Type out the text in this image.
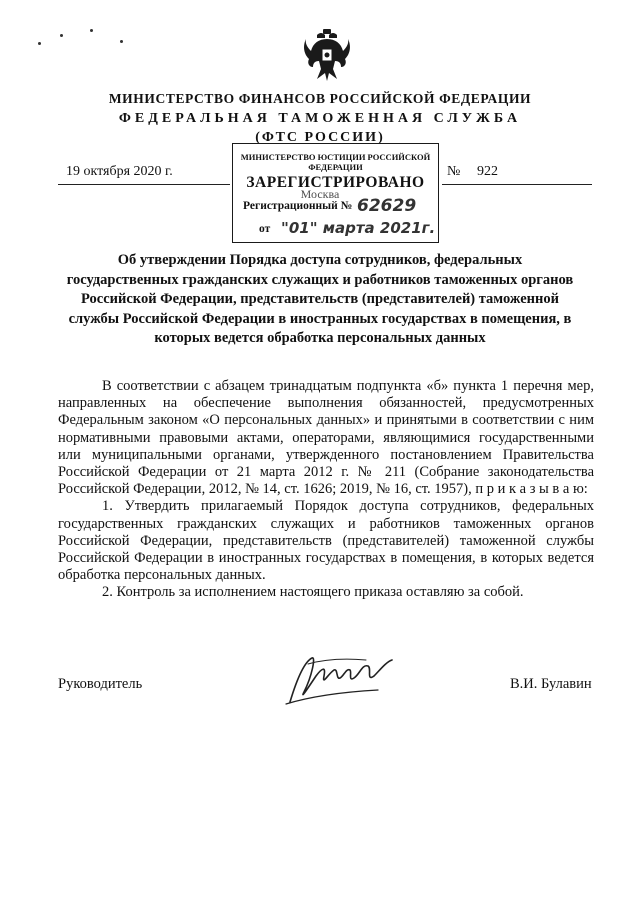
МИНИСТЕРСТВО ФИНАНСОВ РОССИЙСКОЙ ФЕДЕРАЦИИ
ФЕДЕРАЛЬНАЯ ТАМОЖЕННАЯ СЛУЖБА
(ФТС РОССИИ)
19 октября 2020 г.	№ 922
Москва
МИНИСТЕРСТВО ЮСТИЦИИ РОССИЙСКОЙ ФЕДЕРАЦИИ
ЗАРЕГИСТРИРОВАНО
Регистрационный № 62629
от "01" марта 2021г.
Об утверждении Порядка доступа сотрудников, федеральных государственных гражданских служащих и работников таможенных органов Российской Федерации, представительств (представителей) таможенной службы Российской Федерации в иностранных государствах в помещения, в которых ведется обработка персональных данных

В соответствии с абзацем тринадцатым подпункта «б» пункта 1 перечня мер, направленных на обеспечение выполнения обязанностей, предусмотренных Федеральным законом «О персональных данных» и принятыми в соответствии с ним нормативными правовыми актами, операторами, являющимися государственными или муниципальными органами, утвержденного постановлением Правительства Российской Федерации от 21 марта 2012 г. № 211 (Собрание законодательства Российской Федерации, 2012, № 14, ст. 1626; 2019, № 16, ст. 1957), п р и к а з ы в а ю:

1. Утвердить прилагаемый Порядок доступа сотрудников, федеральных государственных гражданских служащих и работников таможенных органов Российской Федерации, представительств (представителей) таможенной службы Российской Федерации в иностранных государствах в помещения, в которых ведется обработка персональных данных.

2. Контроль за исполнением настоящего приказа оставляю за собой.

Руководитель	В.И. Булавин
